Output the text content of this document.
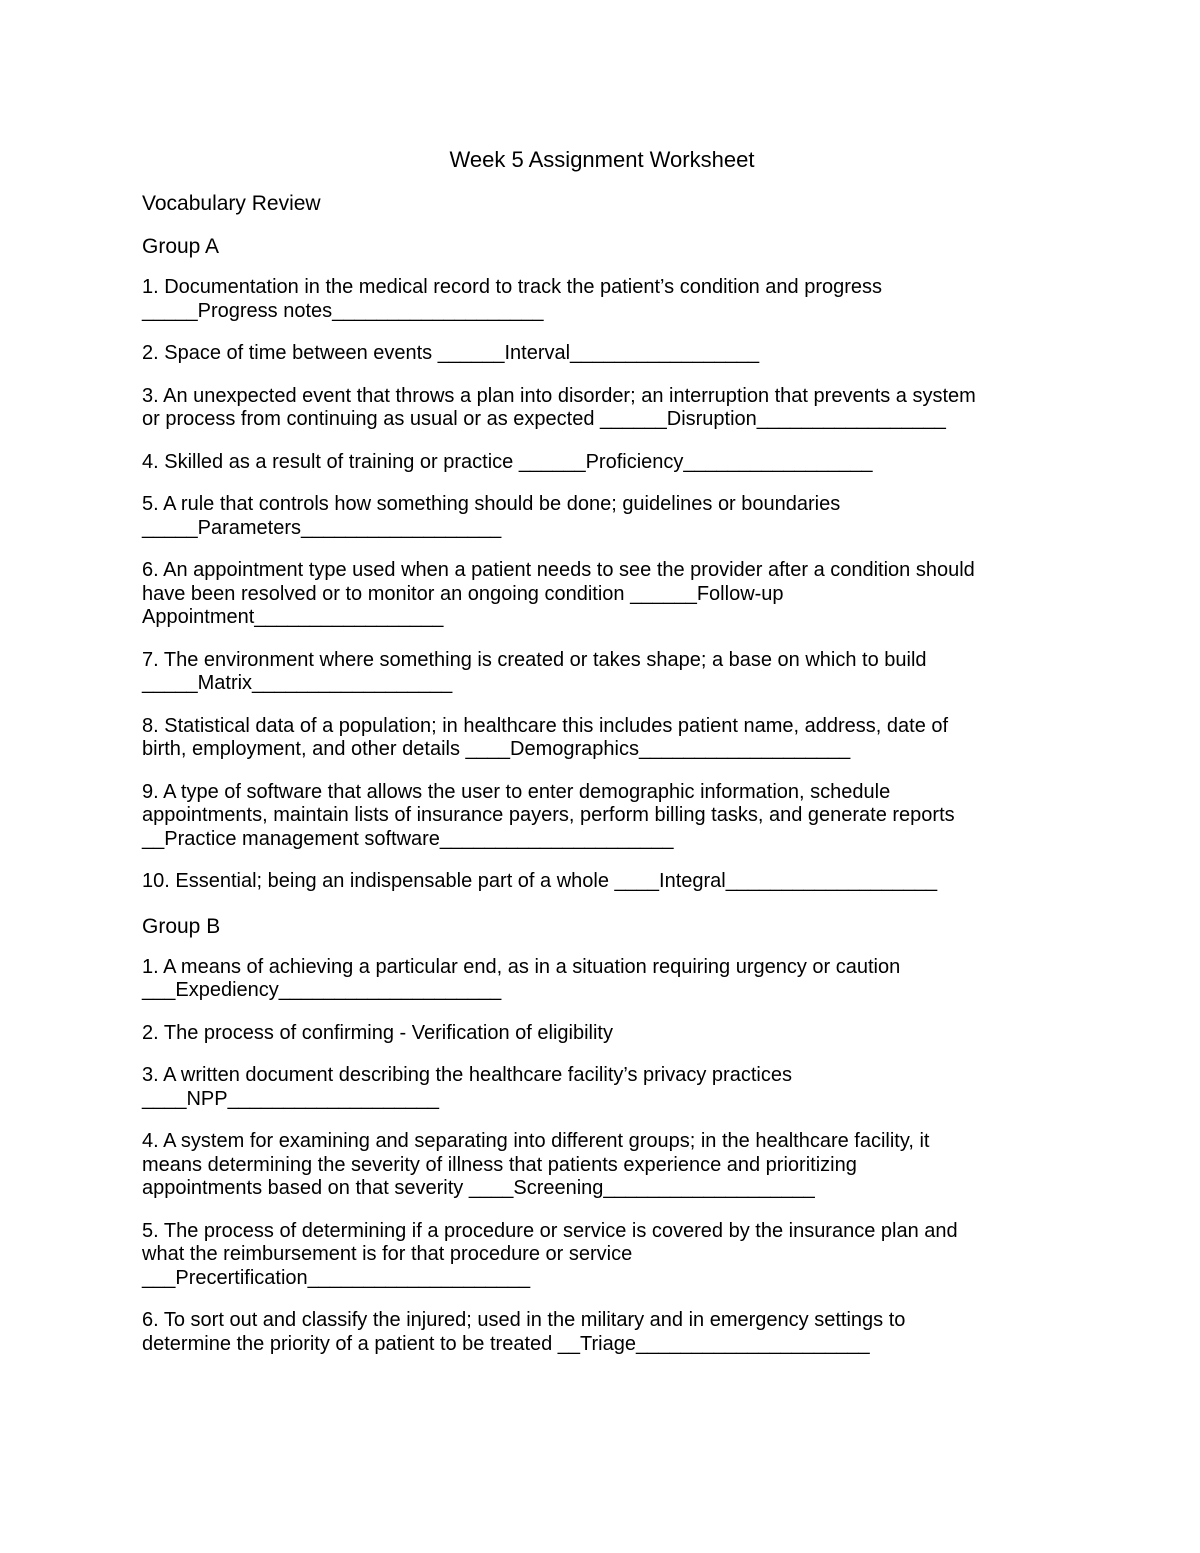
Week 5 Assignment Worksheet
Vocabulary Review
Group A
1. Documentation in the medical record to track the patient’s condition and progress
_____Progress notes___________________
2. Space of time between events ______Interval_________________
3. An unexpected event that throws a plan into disorder; an interruption that prevents a system
or process from continuing as usual or as expected ______Disruption_________________
4. Skilled as a result of training or practice ______Proficiency_________________
5. A rule that controls how something should be done; guidelines or boundaries
_____Parameters__________________
6. An appointment type used when a patient needs to see the provider after a condition should
have been resolved or to monitor an ongoing condition ______Follow-up
Appointment_________________
7. The environment where something is created or takes shape; a base on which to build
_____Matrix__________________
8. Statistical data of a population; in healthcare this includes patient name, address, date of
birth, employment, and other details ____Demographics___________________
9. A type of software that allows the user to enter demographic information, schedule
appointments, maintain lists of insurance payers, perform billing tasks, and generate reports
__Practice management software_____________________
10. Essential; being an indispensable part of a whole ____Integral___________________
Group B
1. A means of achieving a particular end, as in a situation requiring urgency or caution
___Expediency____________________
2. The process of confirming - Verification of eligibility
3. A written document describing the healthcare facility’s privacy practices
____NPP___________________
4. A system for examining and separating into different groups; in the healthcare facility, it
means determining the severity of illness that patients experience and prioritizing
appointments based on that severity ____Screening___________________
5. The process of determining if a procedure or service is covered by the insurance plan and
what the reimbursement is for that procedure or service
___Precertification____________________
6. To sort out and classify the injured; used in the military and in emergency settings to
determine the priority of a patient to be treated __Triage_____________________
